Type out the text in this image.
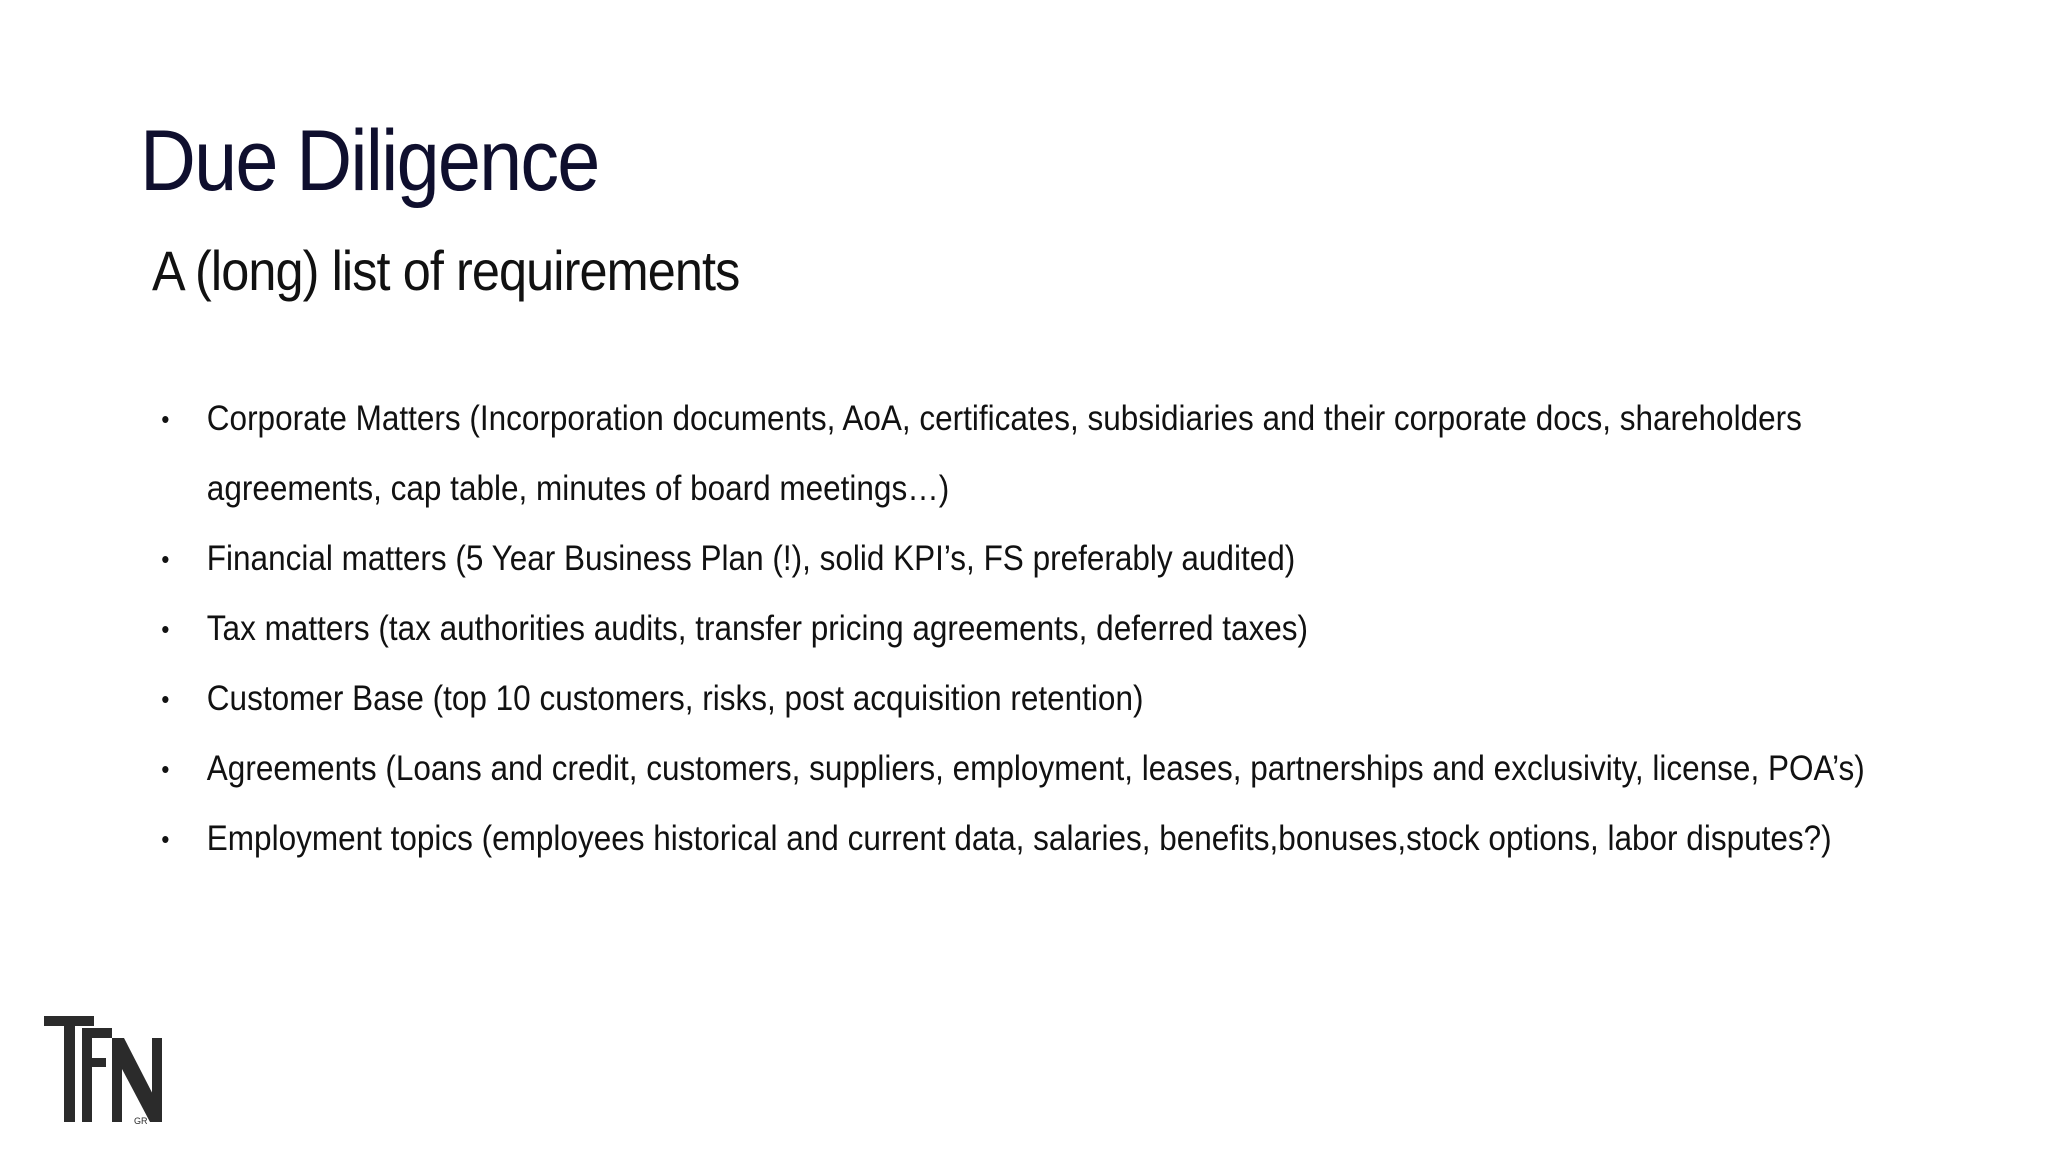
Due Diligence
A (long) list of requirements
• Corporate Matters (Incorporation documents, AoA, certificates, subsidiaries and their corporate docs, shareholders
agreements, cap table, minutes of board meetings…)
• Financial matters (5 Year Business Plan (!), solid KPI’s, FS preferably audited)
• Tax matters (tax authorities audits, transfer pricing agreements, deferred taxes)
• Customer Base (top 10 customers, risks, post acquisition retention)
• Agreements (Loans and credit, customers, suppliers, employment, leases, partnerships and exclusivity, license, POA’s)
• Employment topics (employees historical and current data, salaries, benefits,bonuses,stock options, labor disputes?)
GR
